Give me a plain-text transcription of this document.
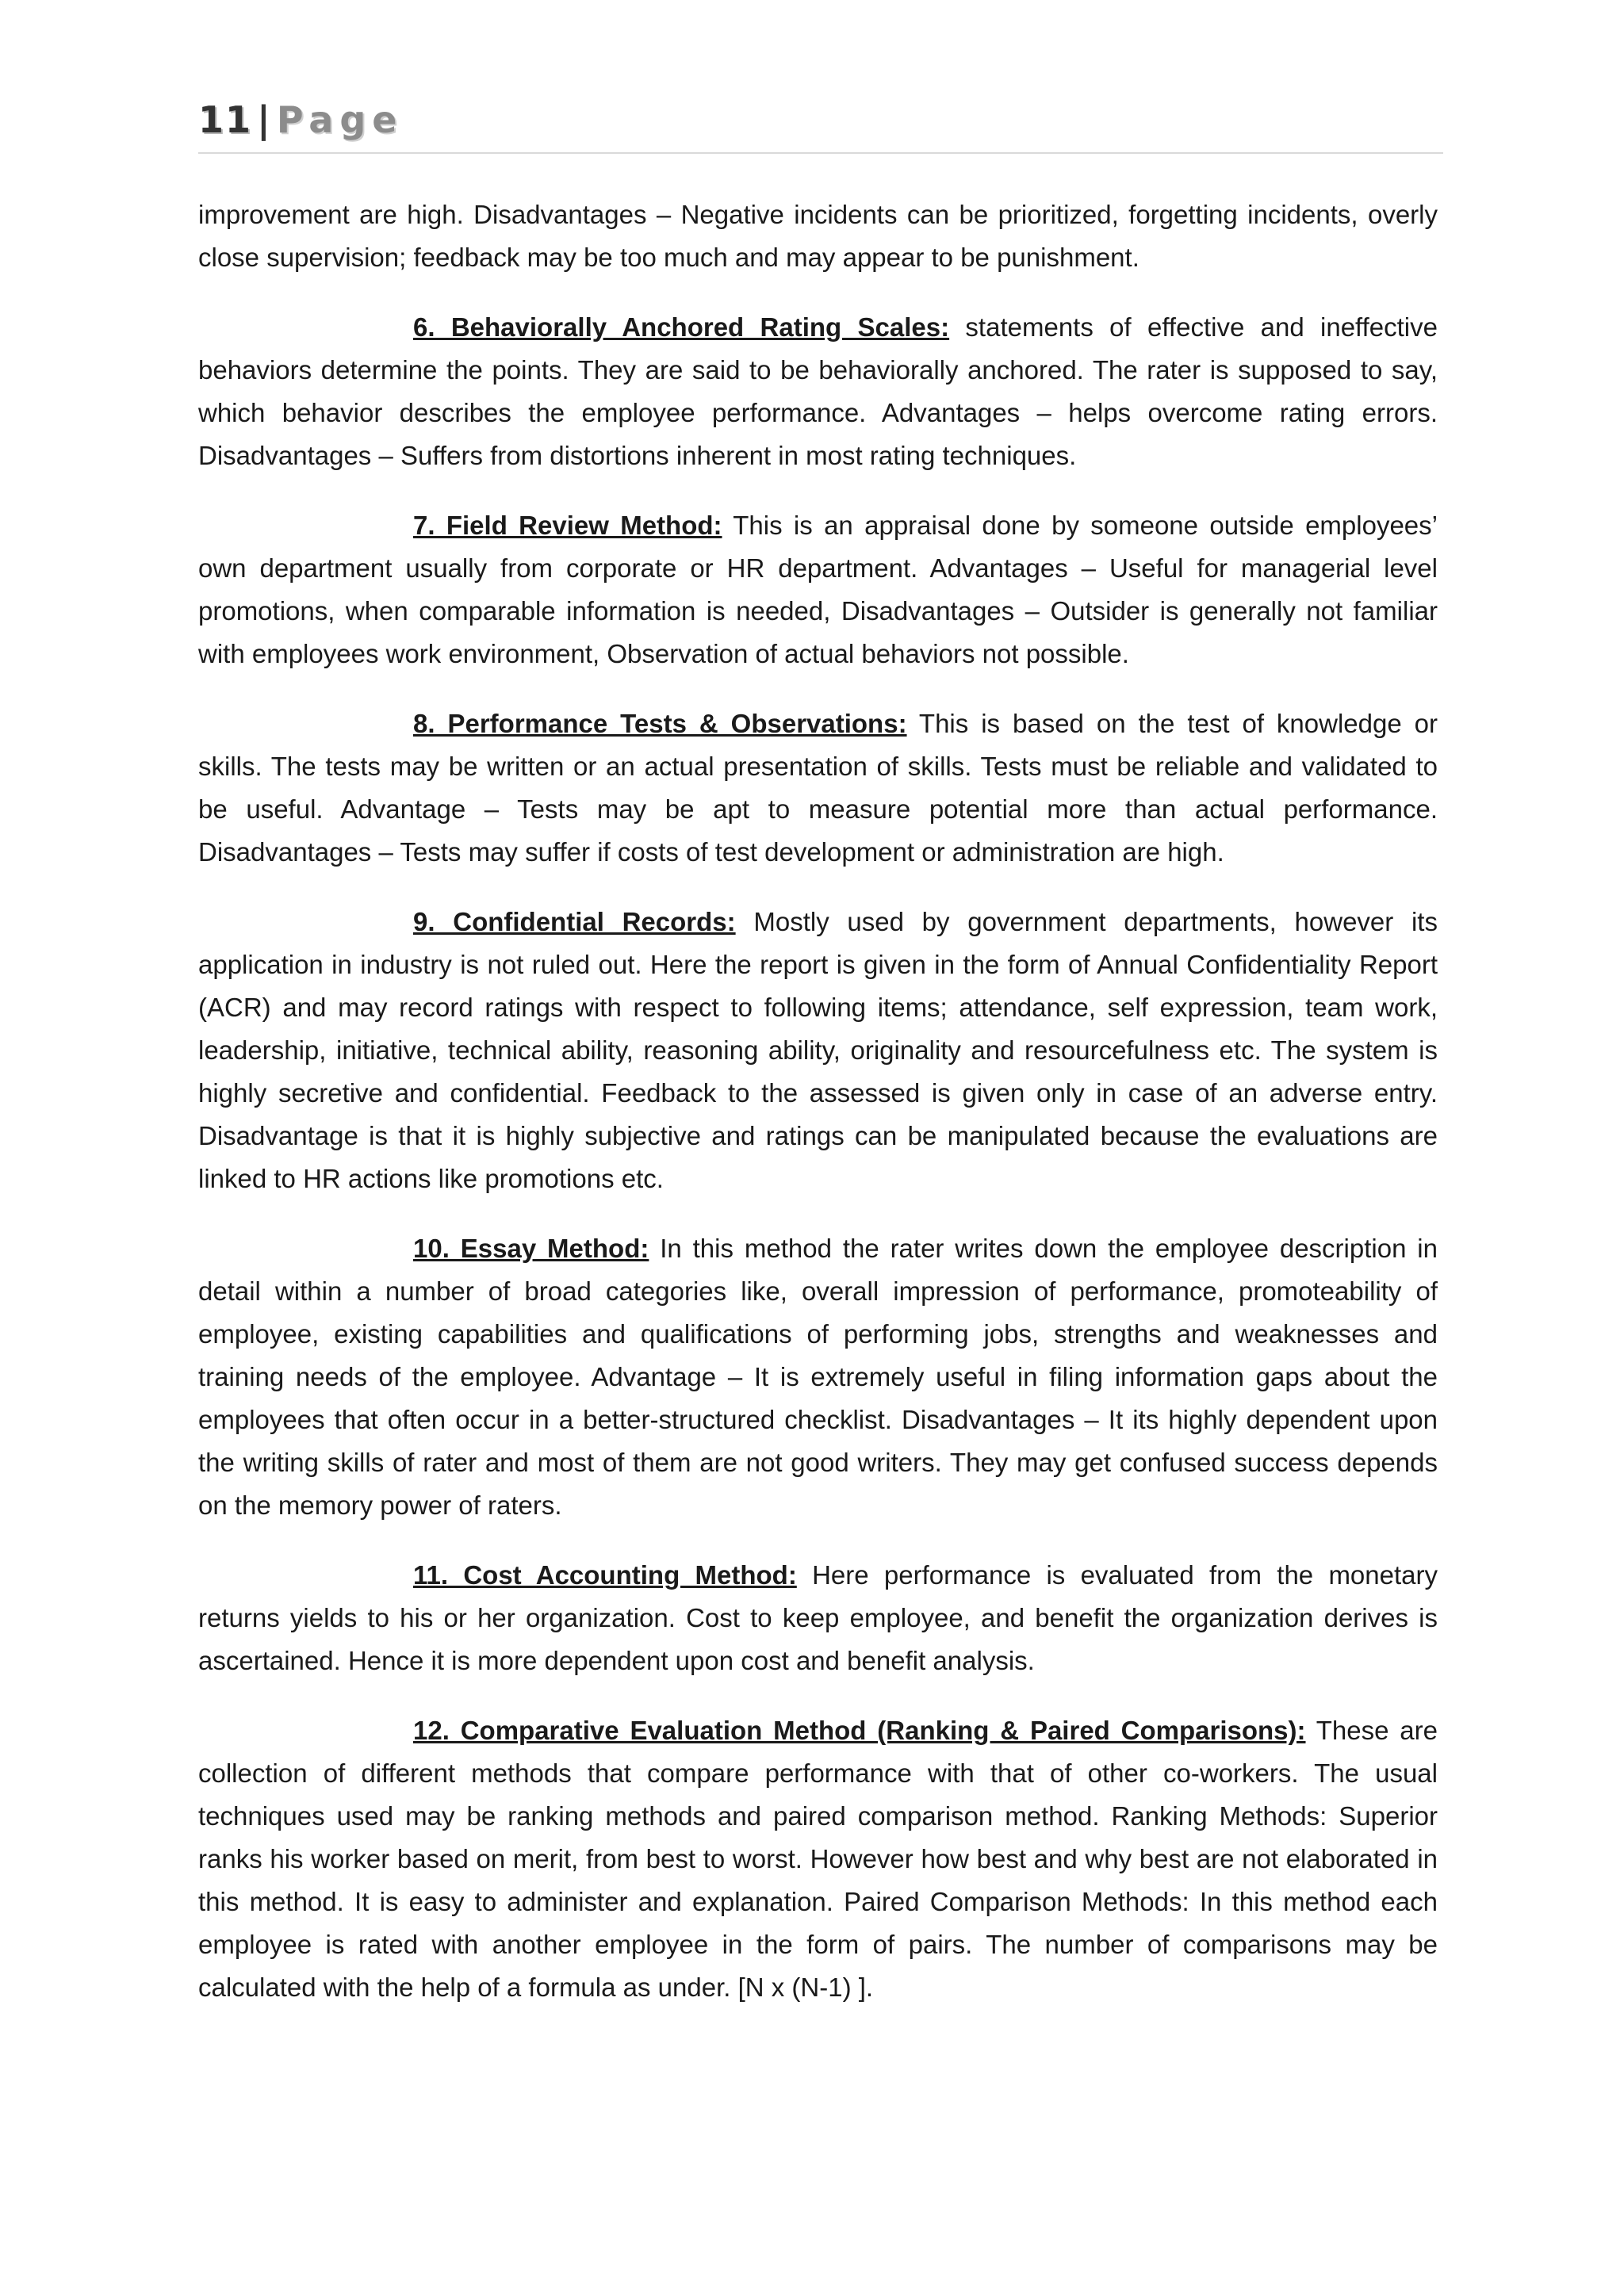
11 | Page

improvement are high. Disadvantages – Negative incidents can be prioritized, forgetting incidents, overly close supervision; feedback may be too much and may appear to be punishment.

6. Behaviorally Anchored Rating Scales: statements of effective and ineffective behaviors determine the points. They are said to be behaviorally anchored. The rater is supposed to say, which behavior describes the employee performance. Advantages – helps overcome rating errors. Disadvantages – Suffers from distortions inherent in most rating techniques.

7. Field Review Method: This is an appraisal done by someone outside employees’ own department usually from corporate or HR department. Advantages – Useful for managerial level promotions, when comparable information is needed, Disadvantages – Outsider is generally not familiar with employees work environment, Observation of actual behaviors not possible.

8. Performance Tests & Observations: This is based on the test of knowledge or skills. The tests may be written or an actual presentation of skills. Tests must be reliable and validated to be useful. Advantage – Tests may be apt to measure potential more than actual performance. Disadvantages – Tests may suffer if costs of test development or administration are high.

9. Confidential Records: Mostly used by government departments, however its application in industry is not ruled out. Here the report is given in the form of Annual Confidentiality Report (ACR) and may record ratings with respect to following items; attendance, self expression, team work, leadership, initiative, technical ability, reasoning ability, originality and resourcefulness etc. The system is highly secretive and confidential. Feedback to the assessed is given only in case of an adverse entry. Disadvantage is that it is highly subjective and ratings can be manipulated because the evaluations are linked to HR actions like promotions etc.

10. Essay Method: In this method the rater writes down the employee description in detail within a number of broad categories like, overall impression of performance, promoteability of employee, existing capabilities and qualifications of performing jobs, strengths and weaknesses and training needs of the employee. Advantage – It is extremely useful in filing information gaps about the employees that often occur in a better-structured checklist. Disadvantages – It its highly dependent upon the writing skills of rater and most of them are not good writers. They may get confused success depends on the memory power of raters.

11. Cost Accounting Method: Here performance is evaluated from the monetary returns yields to his or her organization. Cost to keep employee, and benefit the organization derives is ascertained. Hence it is more dependent upon cost and benefit analysis.

12. Comparative Evaluation Method (Ranking & Paired Comparisons): These are collection of different methods that compare performance with that of other co-workers. The usual techniques used may be ranking methods and paired comparison method. Ranking Methods: Superior ranks his worker based on merit, from best to worst. However how best and why best are not elaborated in this method. It is easy to administer and explanation. Paired Comparison Methods: In this method each employee is rated with another employee in the form of pairs. The number of comparisons may be calculated with the help of a formula as under. [N x (N-1) ].
